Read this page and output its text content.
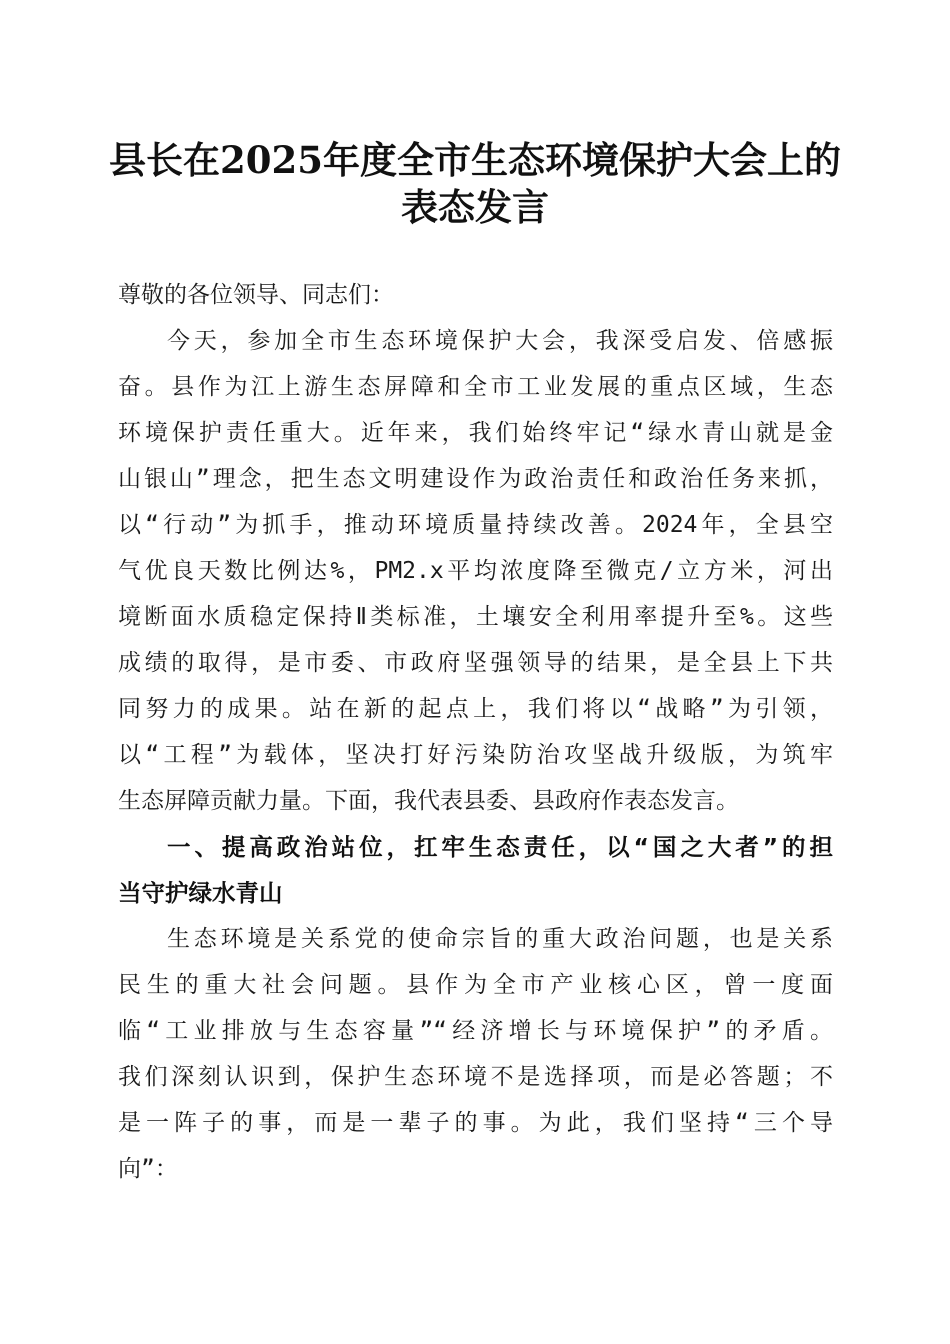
县长在2025年度全市生态环境保护大会上的
表态发言
尊敬的各位领导、同志们：
今天，参加全市生态环境保护大会，我深受启发、倍感振
奋。县作为江上游生态屏障和全市工业发展的重点区域，生态
环境保护责任重大。近年来，我们始终牢记“绿水青山就是金
山银山”理念，把生态文明建设作为政治责任和政治任务来抓，
以“行动”为抓手，推动环境质量持续改善。2024年，全县空
气优良天数比例达%，PM2.x平均浓度降至微克/立方米，河出
境断面水质稳定保持Ⅱ类标准，土壤安全利用率提升至%。这些
成绩的取得，是市委、市政府坚强领导的结果，是全县上下共
同努力的成果。站在新的起点上，我们将以“战略”为引领，
以“工程”为载体，坚决打好污染防治攻坚战升级版，为筑牢
生态屏障贡献力量。下面，我代表县委、县政府作表态发言。
一、提高政治站位，扛牢生态责任，以“国之大者”的担
当守护绿水青山
生态环境是关系党的使命宗旨的重大政治问题，也是关系
民生的重大社会问题。县作为全市产业核心区，曾一度面
临“工业排放与生态容量”“经济增长与环境保护”的矛盾。
我们深刻认识到，保护生态环境不是选择项，而是必答题；不
是一阵子的事，而是一辈子的事。为此，我们坚持“三个导
向”：
